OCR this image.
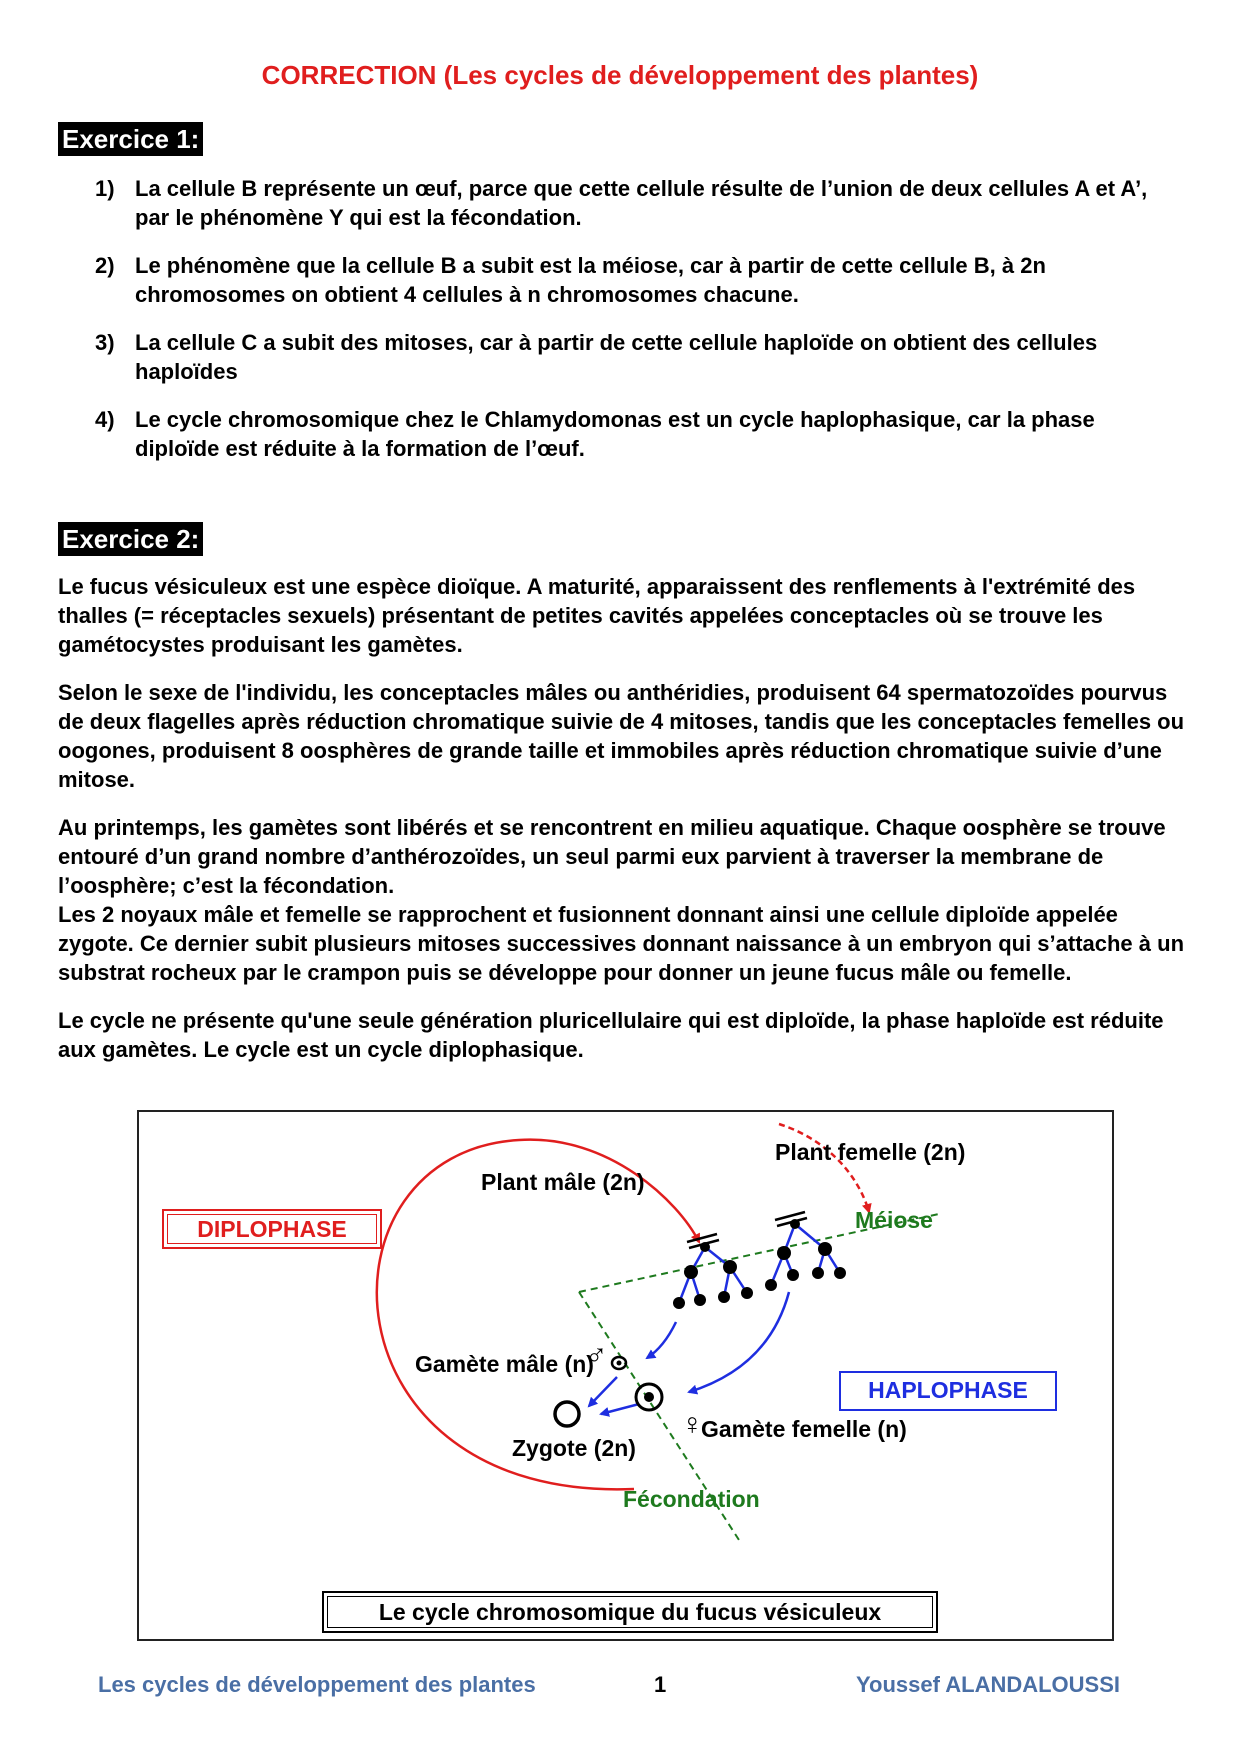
CORRECTION (Les cycles de développement des plantes)
Exercice 1:
1) La cellule B représente un œuf, parce que cette cellule résulte de l’union de deux cellules A et A’, par le phénomène Y qui est la fécondation.
2) Le phénomène que la cellule B a subit est la méiose, car à partir de cette cellule B, à 2n chromosomes on obtient 4 cellules à n chromosomes chacune.
3) La cellule C a subit des mitoses, car à partir de cette cellule haploïde on obtient des cellules haploïdes
4) Le cycle chromosomique chez le Chlamydomonas est un cycle haplophasique, car la phase diploïde est réduite à la formation de l’œuf.
Exercice 2:

Le fucus vésiculeux est une espèce dioïque. A maturité, apparaissent des renflements à l'extrémité des thalles (= réceptacles sexuels) présentant de petites cavités appelées conceptacles où se trouve les gamétocystes produisant les gamètes.

Selon le sexe de l'individu, les conceptacles mâles ou anthéridies, produisent 64 spermatozoïdes pourvus de deux flagelles après réduction chromatique suivie de 4 mitoses, tandis que les conceptacles femelles ou oogones, produisent 8 oosphères de grande taille et immobiles après réduction chromatique suivie d’une mitose.

Au printemps, les gamètes sont libérés et se rencontrent en milieu aquatique. Chaque oosphère se trouve entouré d’un grand nombre d’anthérozoïdes, un seul parmi eux parvient à traverser la membrane de l’oosphère; c’est la fécondation.

Les 2 noyaux mâle et femelle se rapprochent et fusionnent donnant ainsi une cellule diploïde appelée zygote. Ce dernier subit plusieurs mitoses successives donnant naissance à un embryon qui s’attache à un substrat rocheux par le crampon puis se développe pour donner un jeune fucus mâle ou femelle.

Le cycle ne présente qu'une seule génération pluricellulaire qui est diploïde, la phase haploïde est réduite aux gamètes. Le cycle est un cycle diplophasique.

DIPLOPHASE
HAPLOPHASE
Plant mâle (2n)
Plant femelle (2n)
Méiose
Gamète mâle (n)
♂
♀
Gamète femelle (n)
Zygote (2n)
Fécondation
Le cycle chromosomique du fucus vésiculeux
Les cycles de développement des plantes	1	Youssef ALANDALOUSSI
